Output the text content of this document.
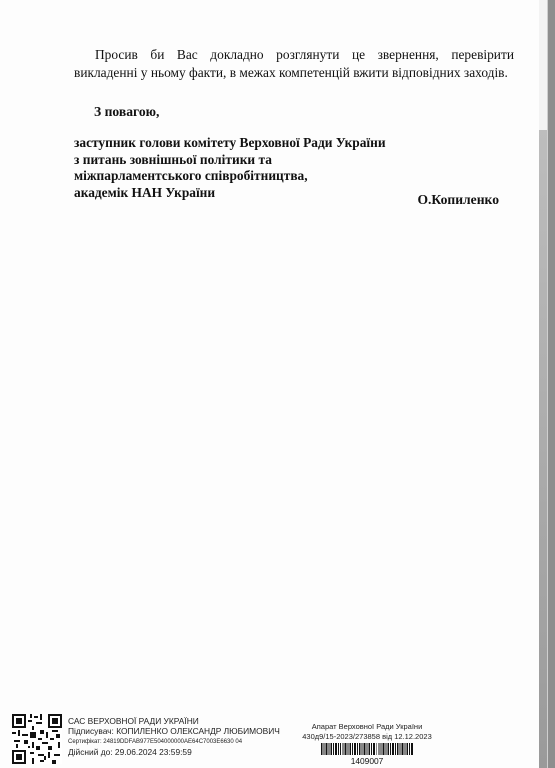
Просив би Вас докладно розглянути це звернення, перевірити викладенні у ньому факти, в межах компетенцій вжити відповідних заходів.

З повагою,
заступник голови комітету Верховної Ради України
з питань зовнішньої політики та
міжпарламентського співробітництва,
академік НАН України	О.Копиленко
САС ВЕРХОВНОЇ РАДИ УКРАЇНИ
Підписувач: КОПИЛЕНКО ОЛЕКСАНДР ЛЮБИМОВИЧ
Сертифікат: 24819DDFAB977E504000000AE64C7003E6630 04
Дійсний до: 29.06.2024 23:59:59
Апарат Верховної Ради України
430д9/15-2023/273858 від 12.12.2023
1409007
